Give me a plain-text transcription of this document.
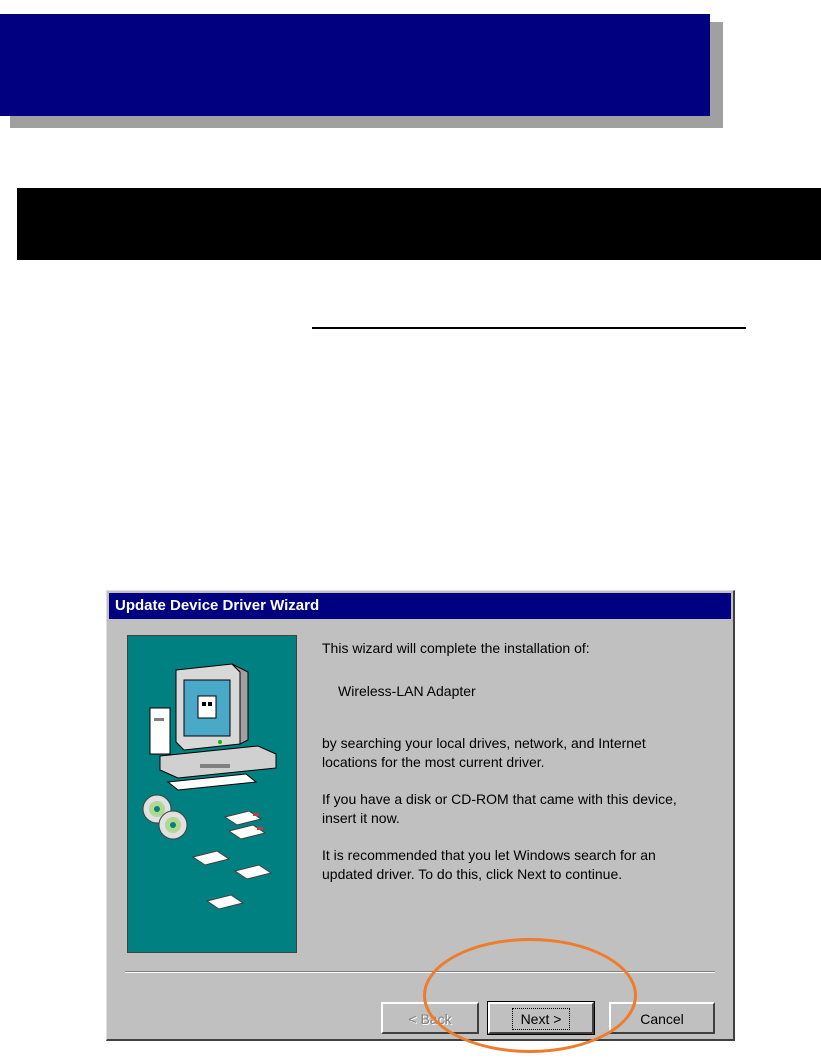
Update Device Driver Wizard
This wizard will complete the installation of:
Wireless-LAN Adapter
by searching your local drives, network, and Internet
locations for the most current driver.
If you have a disk or CD-ROM that came with this device,
insert it now.
It is recommended that you let Windows search for an
updated driver. To do this, click Next to continue.
< Back	Next >	Cancel
